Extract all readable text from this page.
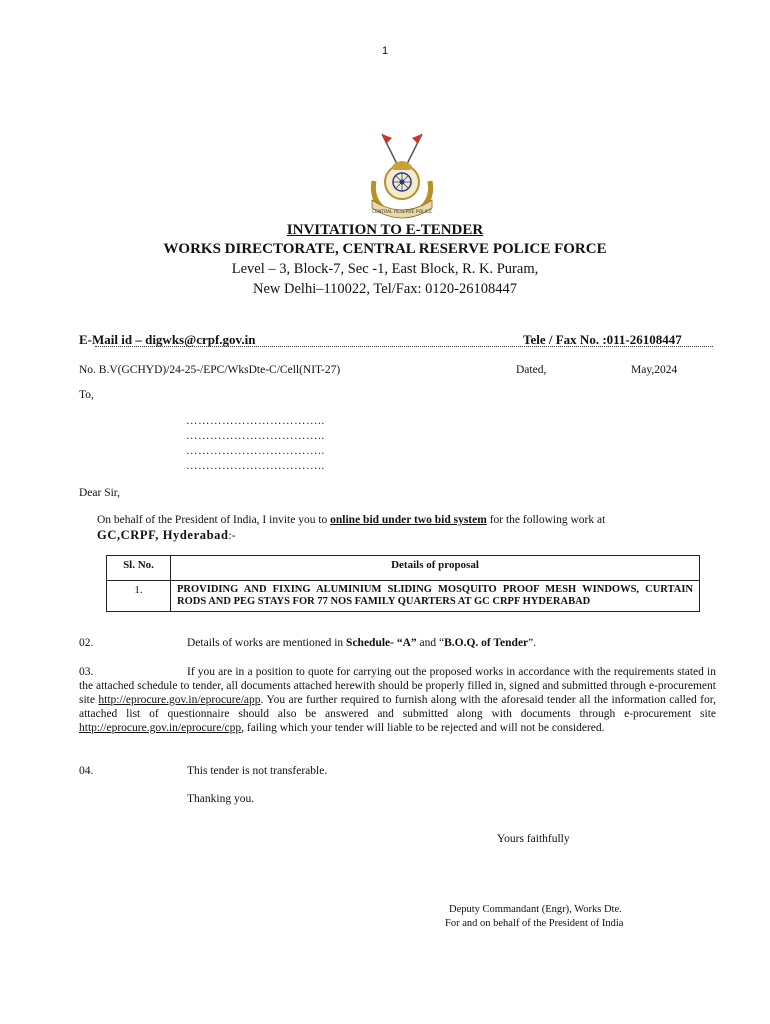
1
CENTRAL RESERVE POLICE
INVITATION TO E-TENDER
WORKS DIRECTORATE, CENTRAL RESERVE POLICE FORCE
Level – 3, Block-7, Sec -1, East Block, R. K. Puram,
New Delhi–110022, Tel/Fax: 0120-26108447
E-Mail id – digwks@crpf.gov.in	Tele / Fax No. :011-26108447
No. B.V(GCHYD)/24-25-/EPC/WksDte-C/Cell(NIT-27)	Dated,	May,2024
To,
……………………………..
……………………………..
……………………………..
……………………………..
Dear Sir,
On behalf of the President of India, I invite you to online bid under two bid system for the following work at
GC,CRPF, Hyderabad:-
Sl. No.	Details of proposal
1.	PROVIDING AND FIXING ALUMINIUM SLIDING MOSQUITO PROOF MESH WINDOWS, CURTAIN RODS AND PEG STAYS FOR 77 NOS FAMILY QUARTERS AT GC CRPF HYDERABAD
02.	Details of works are mentioned in Schedule- “A” and “B.O.Q. of Tender”.
03.	If you are in a position to quote for carrying out the proposed works in accordance with the requirements stated in the attached schedule to tender, all documents attached herewith should be properly filled in, signed and submitted through e-procurement site http://eprocure.gov.in/eprocure/app. You are further required to furnish along with the aforesaid tender all the information called for, attached list of questionnaire should also be answered and submitted along with documents through e-procurement site http://eprocure.gov.in/eprocure/cpp, failing which your tender will liable to be rejected and will not be considered.
04.	This tender is not transferable.
Thanking you.
Yours faithfully
Deputy Commandant (Engr), Works Dte.
For and on behalf of the President of India
